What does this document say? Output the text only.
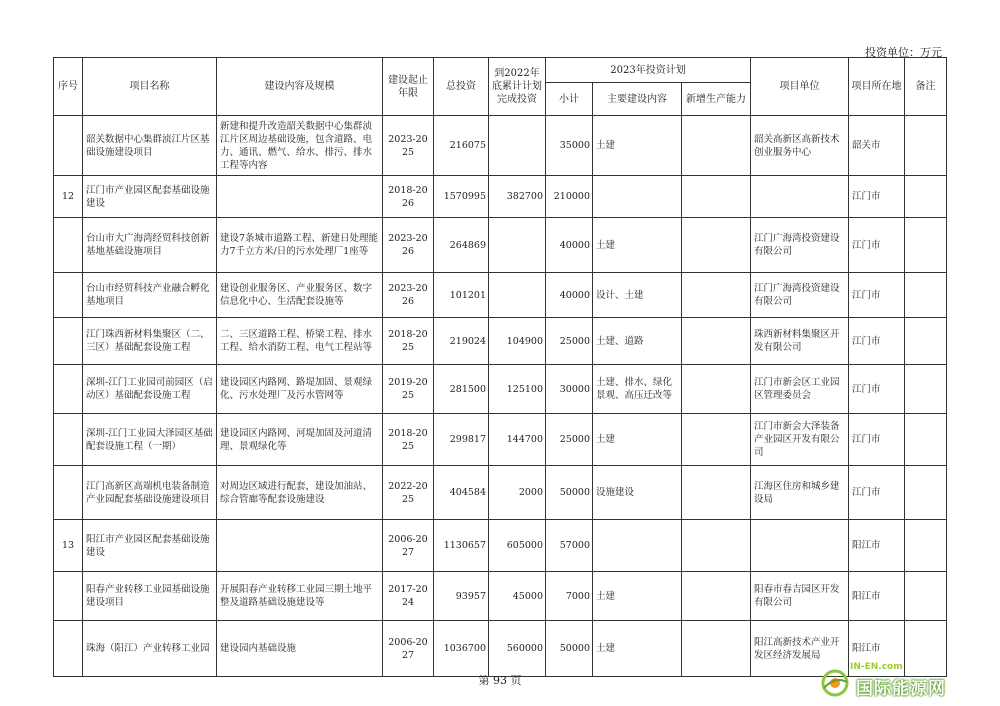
投资单位：万元
序号	项目名称	建设内容及规模	建设起止年限	总投资	到2022年底累计计划完成投资	2023年投资计划			项目单位	项目所在地	备注
						小计	主要建设内容	新增生产能力			
	韶关数据中心集群浈江片区基础设施建设项目	新建和提升改造韶关数据中心集群浈江片区周边基础设施，包含道路、电力、通讯、燃气、给水、排污、排水工程等内容	2023-2025	216075		35000	土建		韶关高新区高新技术创业服务中心	韶关市	
12	江门市产业园区配套基础设施建设		2018-2026	1570995	382700	210000				江门市	
	台山市大广海湾经贸科技创新基地基础设施项目	建设7条城市道路工程、新建日处理能力7千立方米/日的污水处理厂1座等	2023-2026	264869		40000	土建		江门广海湾投资建设有限公司	江门市	
	台山市经贸科技产业融合孵化基地项目	建设创业服务区、产业服务区、数字信息化中心、生活配套设施等	2023-2026	101201		40000	设计、土建		江门广海湾投资建设有限公司	江门市	
	江门珠西新材料集聚区（二、三区）基础配套设施工程	二、三区道路工程、桥梁工程、排水工程、给水消防工程、电气工程站等	2018-2025	219024	104900	25000	土建、道路		珠西新材料集聚区开发有限公司	江门市	
	深圳-江门工业园司前园区（启动区）基础配套设施工程	建设园区内路网、路堤加固、景观绿化、污水处理厂及污水管网等	2019-2025	281500	125100	30000	土建、排水、绿化景观、高压迁改等		江门市新会区工业园区管理委员会	江门市	
	深圳-江门工业园大泽园区基础配套设施工程（一期）	建设园区内路网、河堤加固及河道清理、景观绿化等	2018-2025	299817	144700	25000	土建		江门市新会大泽装备产业园区开发有限公司	江门市	
	江门高新区高端机电装备制造产业园配套基础设施建设项目	对周边区域进行配套，建设加油站、综合管廊等配套设施建设	2022-2025	404584	2000	50000	设施建设		江海区住房和城乡建设局	江门市	
13	阳江市产业园区配套基础设施建设		2006-2027	1130657	605000	57000				阳江市	
	阳春产业转移工业园基础设施建设项目	开展阳春产业转移工业园三期土地平整及道路基础设施建设等	2017-2024	93957	45000	7000	土建		阳春市春吉园区开发有限公司	阳江市	
	珠海（阳江）产业转移工业园	建设园内基础设施	2006-2027	1036700	560000	50000	土建		阳江高新技术产业开发区经济发展局	阳江市	
第 93 页
IN-EN.com
国际能源网
